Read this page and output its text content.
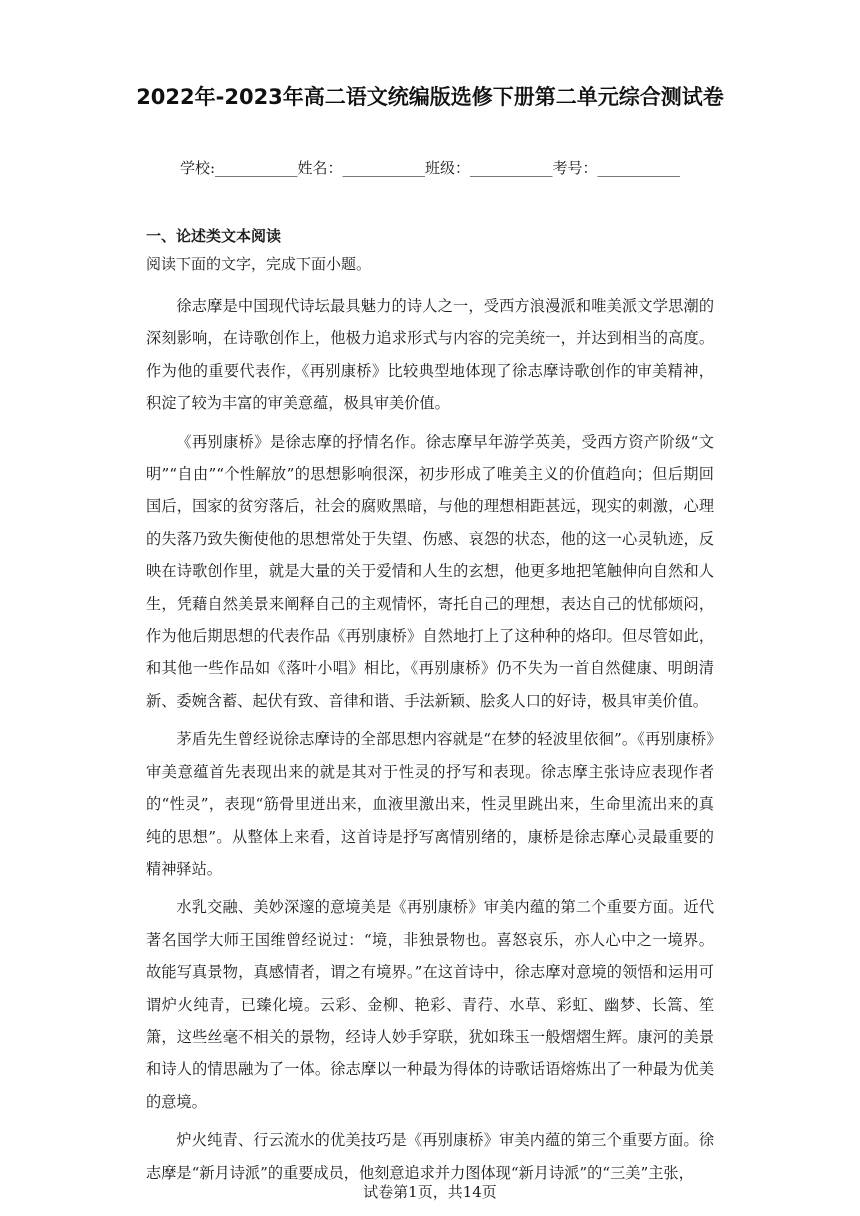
2022年-2023年高二语文统编版选修下册第二单元综合测试卷
学校:___________姓名：___________班级：___________考号：___________
一、论述类文本阅读
阅读下面的文字，完成下面小题。

徐志摩是中国现代诗坛最具魅力的诗人之一，受西方浪漫派和唯美派文学思潮的深刻影响，在诗歌创作上，他极力追求形式与内容的完美统一，并达到相当的高度。作为他的重要代表作，《再别康桥》比较典型地体现了徐志摩诗歌创作的审美精神，积淀了较为丰富的审美意蕴，极具审美价值。

《再别康桥》是徐志摩的抒情名作。徐志摩早年游学英美，受西方资产阶级“文明”“自由”“个性解放”的思想影响很深，初步形成了唯美主义的价值趋向；但后期回国后，国家的贫穷落后，社会的腐败黑暗，与他的理想相距甚远，现实的刺激，心理的失落乃致失衡使他的思想常处于失望、伤感、哀怨的状态，他的这一心灵轨迹，反映在诗歌创作里，就是大量的关于爱情和人生的玄想，他更多地把笔触伸向自然和人生，凭藉自然美景来阐释自己的主观情怀，寄托自己的理想，表达自己的忧郁烦闷，作为他后期思想的代表作品《再别康桥》自然地打上了这种种的烙印。但尽管如此，和其他一些作品如《落叶小唱》相比，《再别康桥》仍不失为一首自然健康、明朗清新、委婉含蓄、起伏有致、音律和谐、手法新颖、脍炙人口的好诗，极具审美价值。

茅盾先生曾经说徐志摩诗的全部思想内容就是“在梦的轻波里依徊”。《再别康桥》审美意蕴首先表现出来的就是其对于性灵的抒写和表现。徐志摩主张诗应表现作者的“性灵”，表现“筋骨里迸出来，血液里激出来，性灵里跳出来，生命里流出来的真纯的思想”。从整体上来看，这首诗是抒写离情别绪的，康桥是徐志摩心灵最重要的精神驿站。

水乳交融、美妙深邃的意境美是《再别康桥》审美内蕴的第二个重要方面。近代著名国学大师王国维曾经说过：“境，非独景物也。喜怒哀乐，亦人心中之一境界。故能写真景物，真感情者，谓之有境界。”在这首诗中，徐志摩对意境的领悟和运用可谓炉火纯青，已臻化境。云彩、金柳、艳彩、青荇、水草、彩虹、幽梦、长篙、笙箫，这些丝毫不相关的景物，经诗人妙手穿联，犹如珠玉一般熠熠生辉。康河的美景和诗人的情思融为了一体。徐志摩以一种最为得体的诗歌话语熔炼出了一种最为优美的意境。

炉火纯青、行云流水的优美技巧是《再别康桥》审美内蕴的第三个重要方面。徐志摩是“新月诗派”的重要成员，他刻意追求并力图体现“新月诗派”的“三美”主张，

试卷第1页，共14页
